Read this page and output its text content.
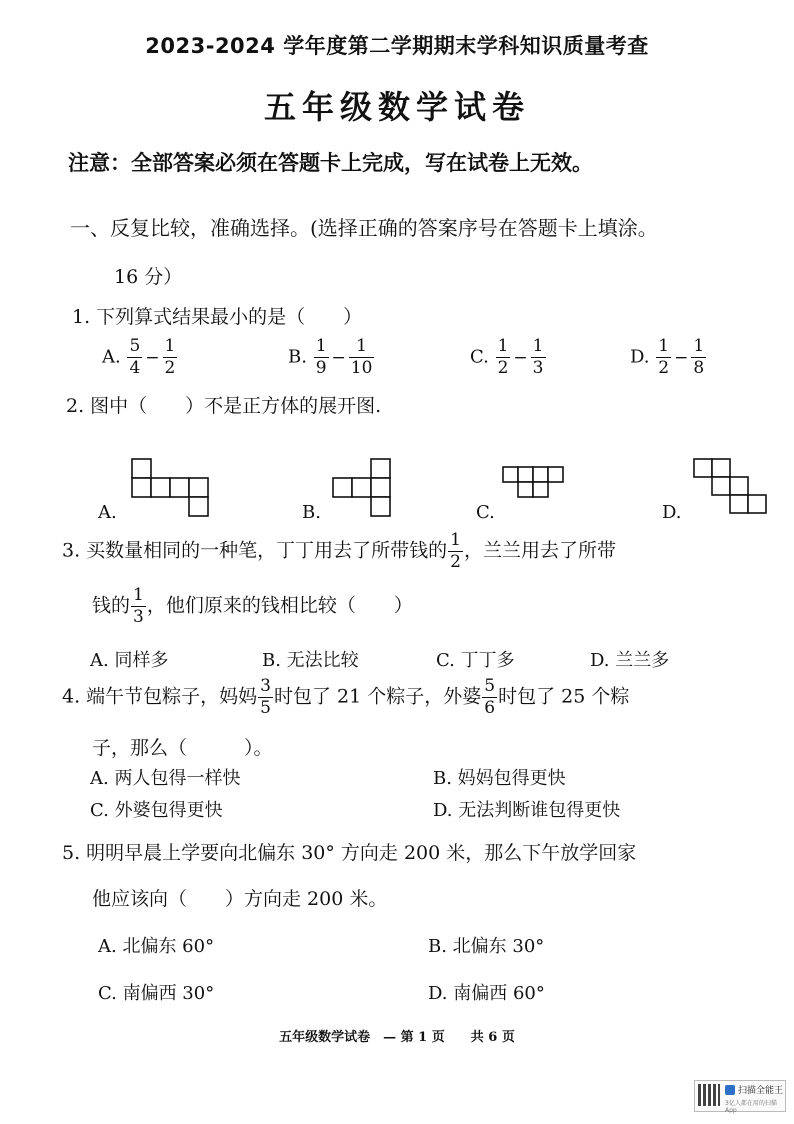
2023-2024 学年度第二学期期末学科知识质量考查
五年级数学试卷
注意：全部答案必须在答题卡上完成，写在试卷上无效。
一、反复比较，准确选择。(选择正确的答案序号在答题卡上填涂。
16 分）
1. 下列算式结果最小的是（　　）
A. $\frac{5}{4} - \frac{1}{2}$	B. $\frac{1}{9} - \frac{1}{10}$	C. $\frac{1}{2} - \frac{1}{3}$	D. $\frac{1}{2} - \frac{1}{8}$
2. 图中（　　）不是正方体的展开图.
A.	B.	C.	D.
3. 买数量相同的一种笔，丁丁用去了所带钱的 $\frac{1}{2}$ ，兰兰用去了所带
钱的 $\frac{1}{3}$ ，他们原来的钱相比较（　　）
A. 同样多	B. 无法比较	C. 丁丁多	D. 兰兰多
4. 端午节包粽子，妈妈 $\frac{3}{5}$ 时包了 21 个粽子，外婆 $\frac{5}{6}$ 时包了 25 个粽
子，那么（　　　）。
A. 两人包得一样快	B. 妈妈包得更快
C. 外婆包得更快	D. 无法判断谁包得更快
5. 明明早晨上学要向北偏东 30° 方向走 200 米，那么下午放学回家
他应该向（　　）方向走 200 米。
A. 北偏东 60°	B. 北偏东 30°
C. 南偏西 30°	D. 南偏西 60°
五年级数学试卷　— 第 1 页　　共 6 页
扫描全能王
3亿人都在用的扫描App
